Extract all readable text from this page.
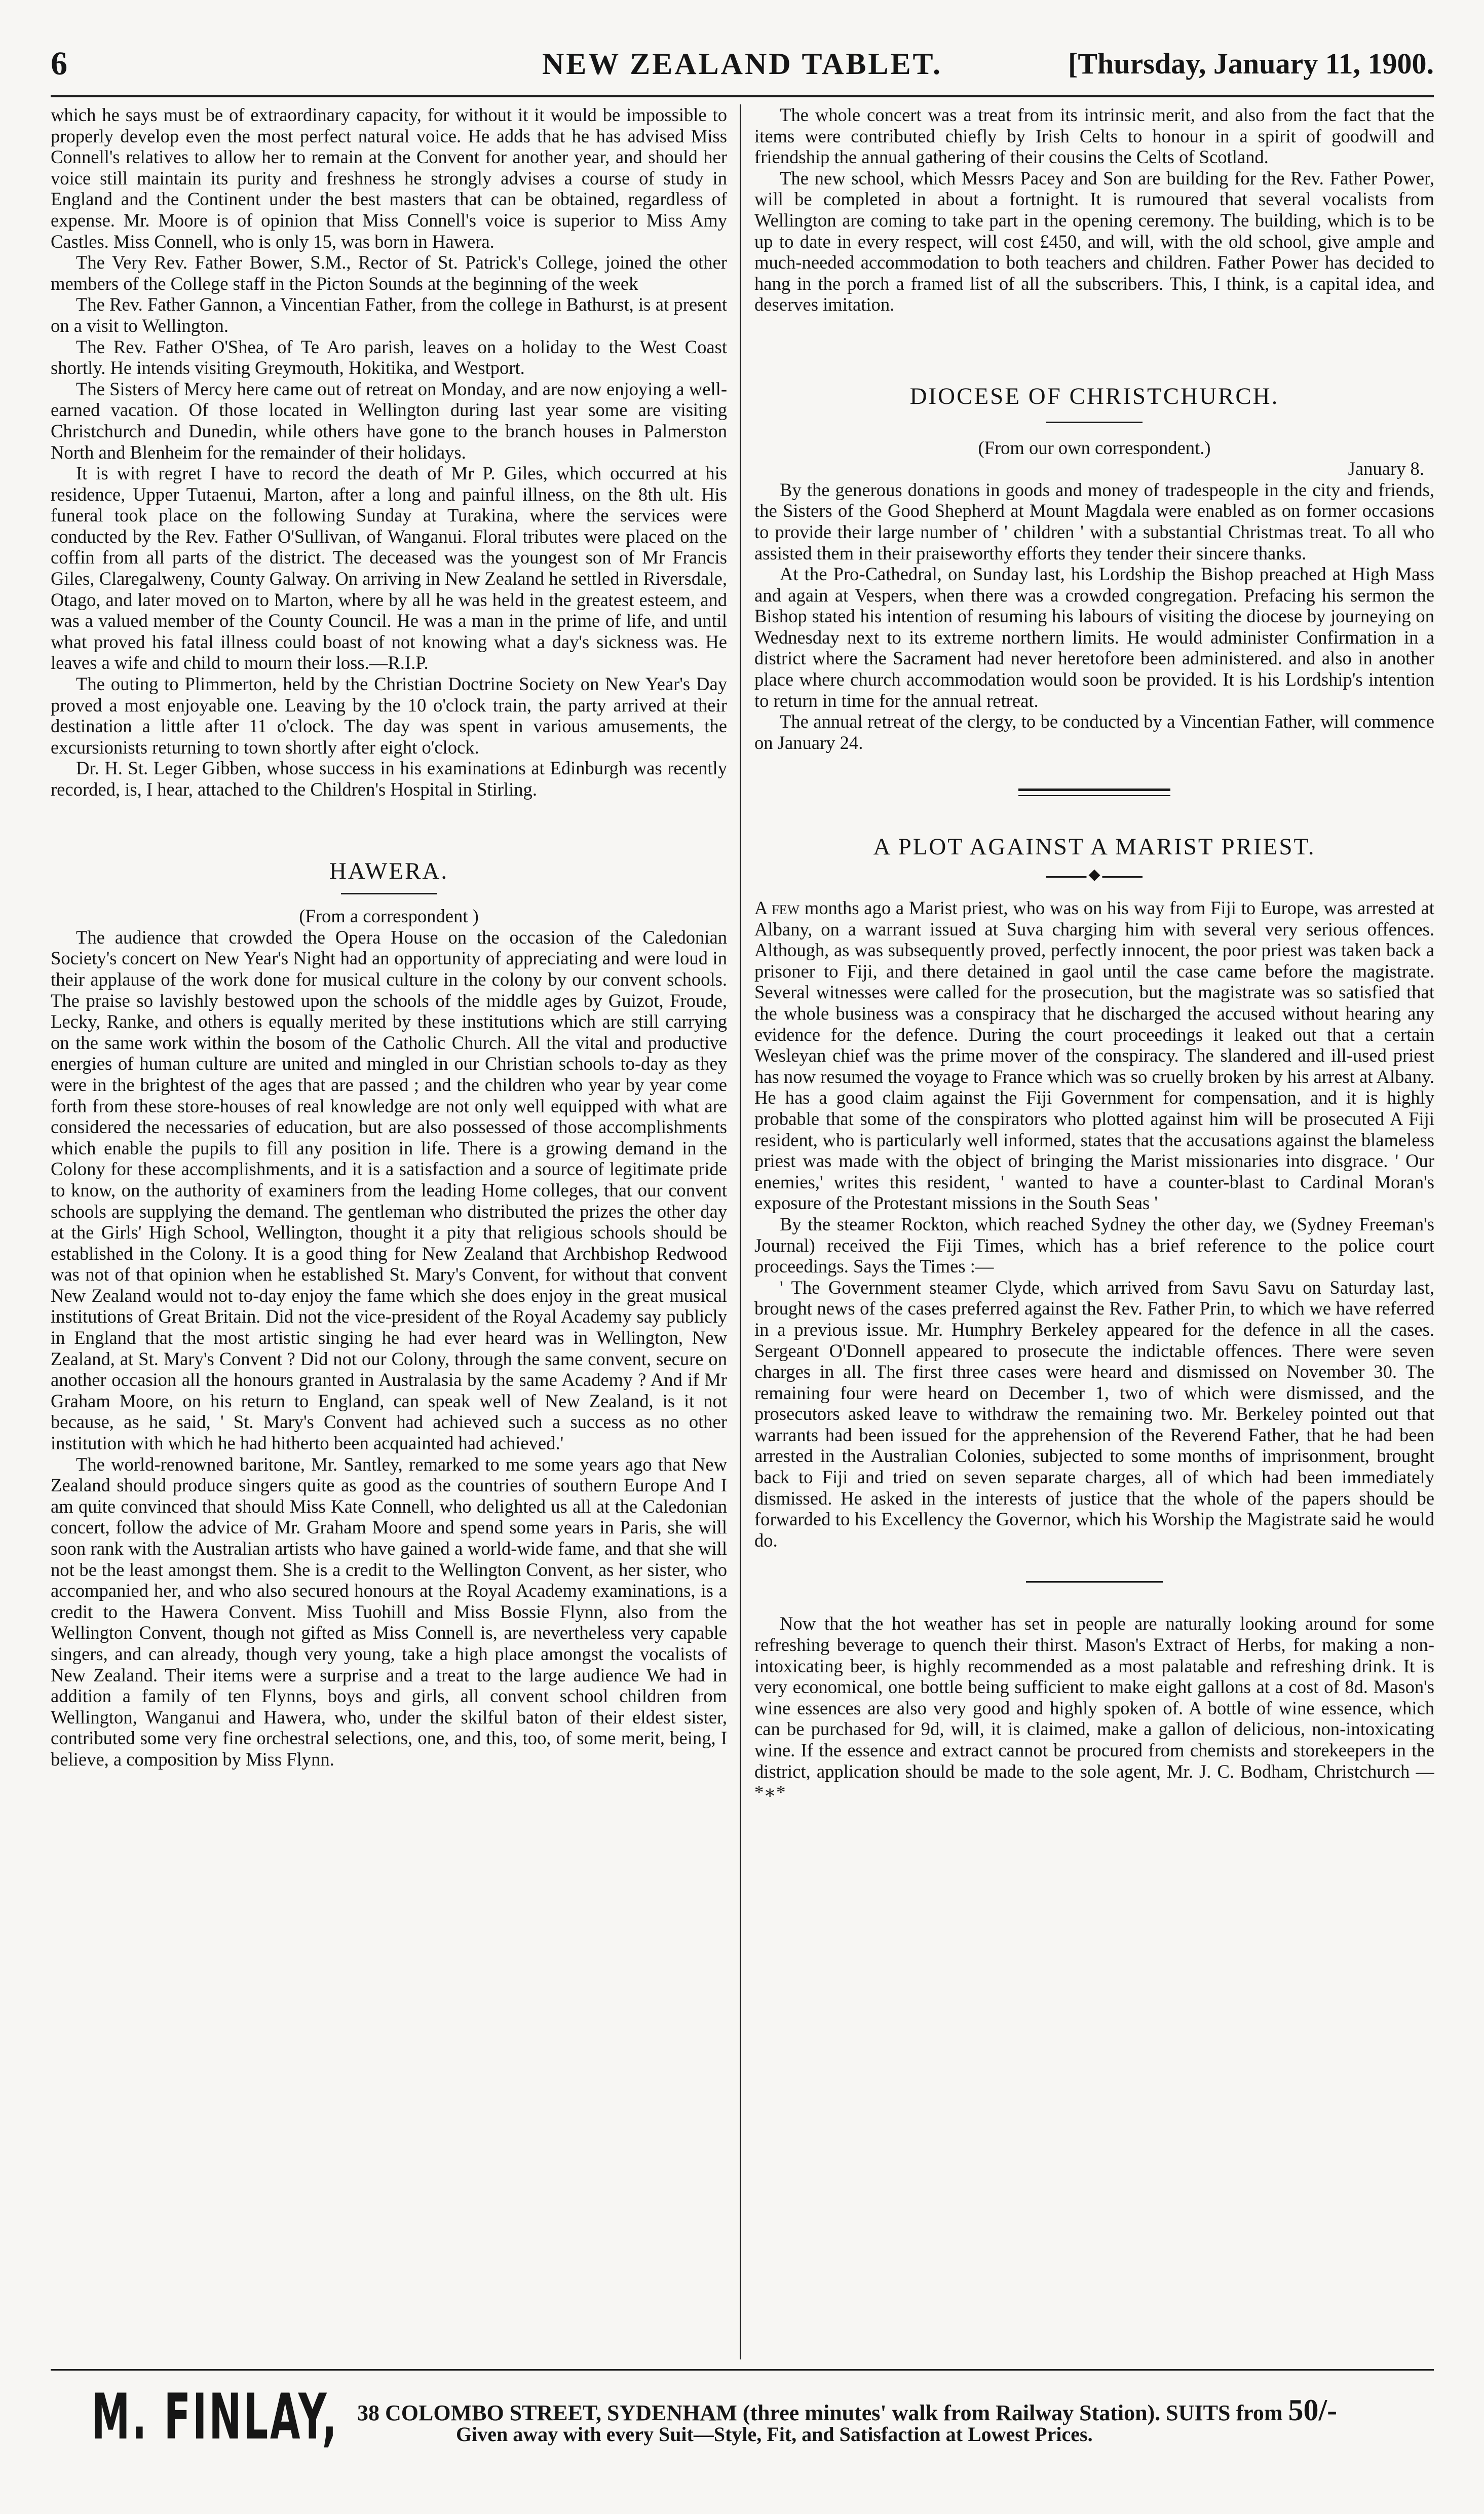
6	NEW ZEALAND TABLET.	[Thursday, January 11, 1900.

which he says must be of extraordinary capacity, for without it it would be impossible to properly develop even the most perfect natural voice. He adds that he has advised Miss Connell's relatives to allow her to remain at the Convent for another year, and should her voice still maintain its purity and freshness he strongly advises a course of study in England and the Continent under the best masters that can be obtained, regardless of expense. Mr. Moore is of opinion that Miss Connell's voice is superior to Miss Amy Castles. Miss Connell, who is only 15, was born in Hawera.

The Very Rev. Father Bower, S.M., Rector of St. Patrick's College, joined the other members of the College staff in the Picton Sounds at the beginning of the week

The Rev. Father Gannon, a Vincentian Father, from the college in Bathurst, is at present on a visit to Wellington.

The Rev. Father O'Shea, of Te Aro parish, leaves on a holiday to the West Coast shortly. He intends visiting Greymouth, Hokitika, and Westport.

The Sisters of Mercy here came out of retreat on Monday, and are now enjoying a well-earned vacation. Of those located in Wellington during last year some are visiting Christchurch and Dunedin, while others have gone to the branch houses in Palmerston North and Blenheim for the remainder of their holidays.

It is with regret I have to record the death of Mr P. Giles, which occurred at his residence, Upper Tutaenui, Marton, after a long and painful illness, on the 8th ult. His funeral took place on the following Sunday at Turakina, where the services were conducted by the Rev. Father O'Sullivan, of Wanganui. Floral tributes were placed on the coffin from all parts of the district. The deceased was the youngest son of Mr Francis Giles, Claregalweny, County Galway. On arriving in New Zealand he settled in Riversdale, Otago, and later moved on to Marton, where by all he was held in the greatest esteem, and was a valued member of the County Council. He was a man in the prime of life, and until what proved his fatal illness could boast of not knowing what a day's sickness was. He leaves a wife and child to mourn their loss.—R.I.P.

The outing to Plimmerton, held by the Christian Doctrine Society on New Year's Day proved a most enjoyable one. Leaving by the 10 o'clock train, the party arrived at their destination a little after 11 o'clock. The day was spent in various amusements, the excursionists returning to town shortly after eight o'clock.

Dr. H. St. Leger Gibben, whose success in his examinations at Edinburgh was recently recorded, is, I hear, attached to the Children's Hospital in Stirling.

HAWERA.

(From a correspondent )

The audience that crowded the Opera House on the occasion of the Caledonian Society's concert on New Year's Night had an opportunity of appreciating and were loud in their applause of the work done for musical culture in the colony by our convent schools. The praise so lavishly bestowed upon the schools of the middle ages by Guizot, Froude, Lecky, Ranke, and others is equally merited by these institutions which are still carrying on the same work within the bosom of the Catholic Church. All the vital and productive energies of human culture are united and mingled in our Christian schools to-day as they were in the brightest of the ages that are passed ; and the children who year by year come forth from these store-houses of real knowledge are not only well equipped with what are considered the necessaries of education, but are also possessed of those accomplishments which enable the pupils to fill any position in life. There is a growing demand in the Colony for these accomplishments, and it is a satisfaction and a source of legitimate pride to know, on the authority of examiners from the leading Home colleges, that our convent schools are supplying the demand. The gentleman who distributed the prizes the other day at the Girls' High School, Wellington, thought it a pity that religious schools should be established in the Colony. It is a good thing for New Zealand that Archbishop Redwood was not of that opinion when he established St. Mary's Convent, for without that convent New Zealand would not to-day enjoy the fame which she does enjoy in the great musical institutions of Great Britain. Did not the vice-president of the Royal Academy say publicly in England that the most artistic singing he had ever heard was in Wellington, New Zealand, at St. Mary's Convent ? Did not our Colony, through the same convent, secure on another occasion all the honours granted in Australasia by the same Academy ? And if Mr Graham Moore, on his return to England, can speak well of New Zealand, is it not because, as he said, ' St. Mary's Convent had achieved such a success as no other institution with which he had hitherto been acquainted had achieved.'

The world-renowned baritone, Mr. Santley, remarked to me some years ago that New Zealand should produce singers quite as good as the countries of southern Europe And I am quite convinced that should Miss Kate Connell, who delighted us all at the Caledonian concert, follow the advice of Mr. Graham Moore and spend some years in Paris, she will soon rank with the Australian artists who have gained a world-wide fame, and that she will not be the least amongst them. She is a credit to the Wellington Convent, as her sister, who accompanied her, and who also secured honours at the Royal Academy examinations, is a credit to the Hawera Convent. Miss Tuohill and Miss Bossie Flynn, also from the Wellington Convent, though not gifted as Miss Connell is, are nevertheless very capable singers, and can already, though very young, take a high place amongst the vocalists of New Zealand. Their items were a surprise and a treat to the large audience We had in addition a family of ten Flynns, boys and girls, all convent school children from Wellington, Wanganui and Hawera, who, under the skilful baton of their eldest sister, contributed some very fine orchestral selections, one, and this, too, of some merit, being, I believe, a composition by Miss Flynn.

The whole concert was a treat from its intrinsic merit, and also from the fact that the items were contributed chiefly by Irish Celts to honour in a spirit of goodwill and friendship the annual gathering of their cousins the Celts of Scotland.

The new school, which Messrs Pacey and Son are building for the Rev. Father Power, will be completed in about a fortnight. It is rumoured that several vocalists from Wellington are coming to take part in the opening ceremony. The building, which is to be up to date in every respect, will cost £450, and will, with the old school, give ample and much-needed accommodation to both teachers and children. Father Power has decided to hang in the porch a framed list of all the subscribers. This, I think, is a capital idea, and deserves imitation.

DIOCESE OF CHRISTCHURCH.

(From our own correspondent.)

January 8.

By the generous donations in goods and money of tradespeople in the city and friends, the Sisters of the Good Shepherd at Mount Magdala were enabled as on former occasions to provide their large number of ' children ' with a substantial Christmas treat. To all who assisted them in their praiseworthy efforts they tender their sincere thanks.

At the Pro-Cathedral, on Sunday last, his Lordship the Bishop preached at High Mass and again at Vespers, when there was a crowded congregation. Prefacing his sermon the Bishop stated his intention of resuming his labours of visiting the diocese by journeying on Wednesday next to its extreme northern limits. He would administer Confirmation in a district where the Sacrament had never heretofore been administered. and also in another place where church accommodation would soon be provided. It is his Lordship's intention to return in time for the annual retreat.

The annual retreat of the clergy, to be conducted by a Vincentian Father, will commence on January 24.

A PLOT AGAINST A MARIST PRIEST.

◆

A few months ago a Marist priest, who was on his way from Fiji to Europe, was arrested at Albany, on a warrant issued at Suva charging him with several very serious offences. Although, as was subsequently proved, perfectly innocent, the poor priest was taken back a prisoner to Fiji, and there detained in gaol until the case came before the magistrate. Several witnesses were called for the prosecution, but the magistrate was so satisfied that the whole business was a conspiracy that he discharged the accused without hearing any evidence for the defence. During the court proceedings it leaked out that a certain Wesleyan chief was the prime mover of the conspiracy. The slandered and ill-used priest has now resumed the voyage to France which was so cruelly broken by his arrest at Albany. He has a good claim against the Fiji Government for compensation, and it is highly probable that some of the conspirators who plotted against him will be prosecuted A Fiji resident, who is particularly well informed, states that the accusations against the blameless priest was made with the object of bringing the Marist missionaries into disgrace. ' Our enemies,' writes this resident, ' wanted to have a counter-blast to Cardinal Moran's exposure of the Protestant missions in the South Seas '

By the steamer Rockton, which reached Sydney the other day, we (Sydney Freeman's Journal) received the Fiji Times, which has a brief reference to the police court proceedings. Says the Times :—

' The Government steamer Clyde, which arrived from Savu Savu on Saturday last, brought news of the cases preferred against the Rev. Father Prin, to which we have referred in a previous issue. Mr. Humphry Berkeley appeared for the defence in all the cases. Sergeant O'Donnell appeared to prosecute the indictable offences. There were seven charges in all. The first three cases were heard and dismissed on November 30. The remaining four were heard on December 1, two of which were dismissed, and the prosecutors asked leave to withdraw the remaining two. Mr. Berkeley pointed out that warrants had been issued for the apprehension of the Reverend Father, that he had been arrested in the Australian Colonies, subjected to some months of imprisonment, brought back to Fiji and tried on seven separate charges, all of which had been immediately dismissed. He asked in the interests of justice that the whole of the papers should be forwarded to his Excellency the Governor, which his Worship the Magistrate said he would do.

Now that the hot weather has set in people are naturally looking around for some refreshing beverage to quench their thirst. Mason's Extract of Herbs, for making a non-intoxicating beer, is highly recommended as a most palatable and refreshing drink. It is very economical, one bottle being sufficient to make eight gallons at a cost of 8d. Mason's wine essences are also very good and highly spoken of. A bottle of wine essence, which can be purchased for 9d, will, it is claimed, make a gallon of delicious, non-intoxicating wine. If the essence and extract cannot be procured from chemists and storekeepers in the district, application should be made to the sole agent, Mr. J. C. Bodham, Christchurch —*∗*

M. FINLAY, 38 COLOMBO STREET, SYDENHAM (three minutes' walk from Railway Station). SUITS from 50/-
Given away with every Suit—Style, Fit, and Satisfaction at Lowest Prices.
